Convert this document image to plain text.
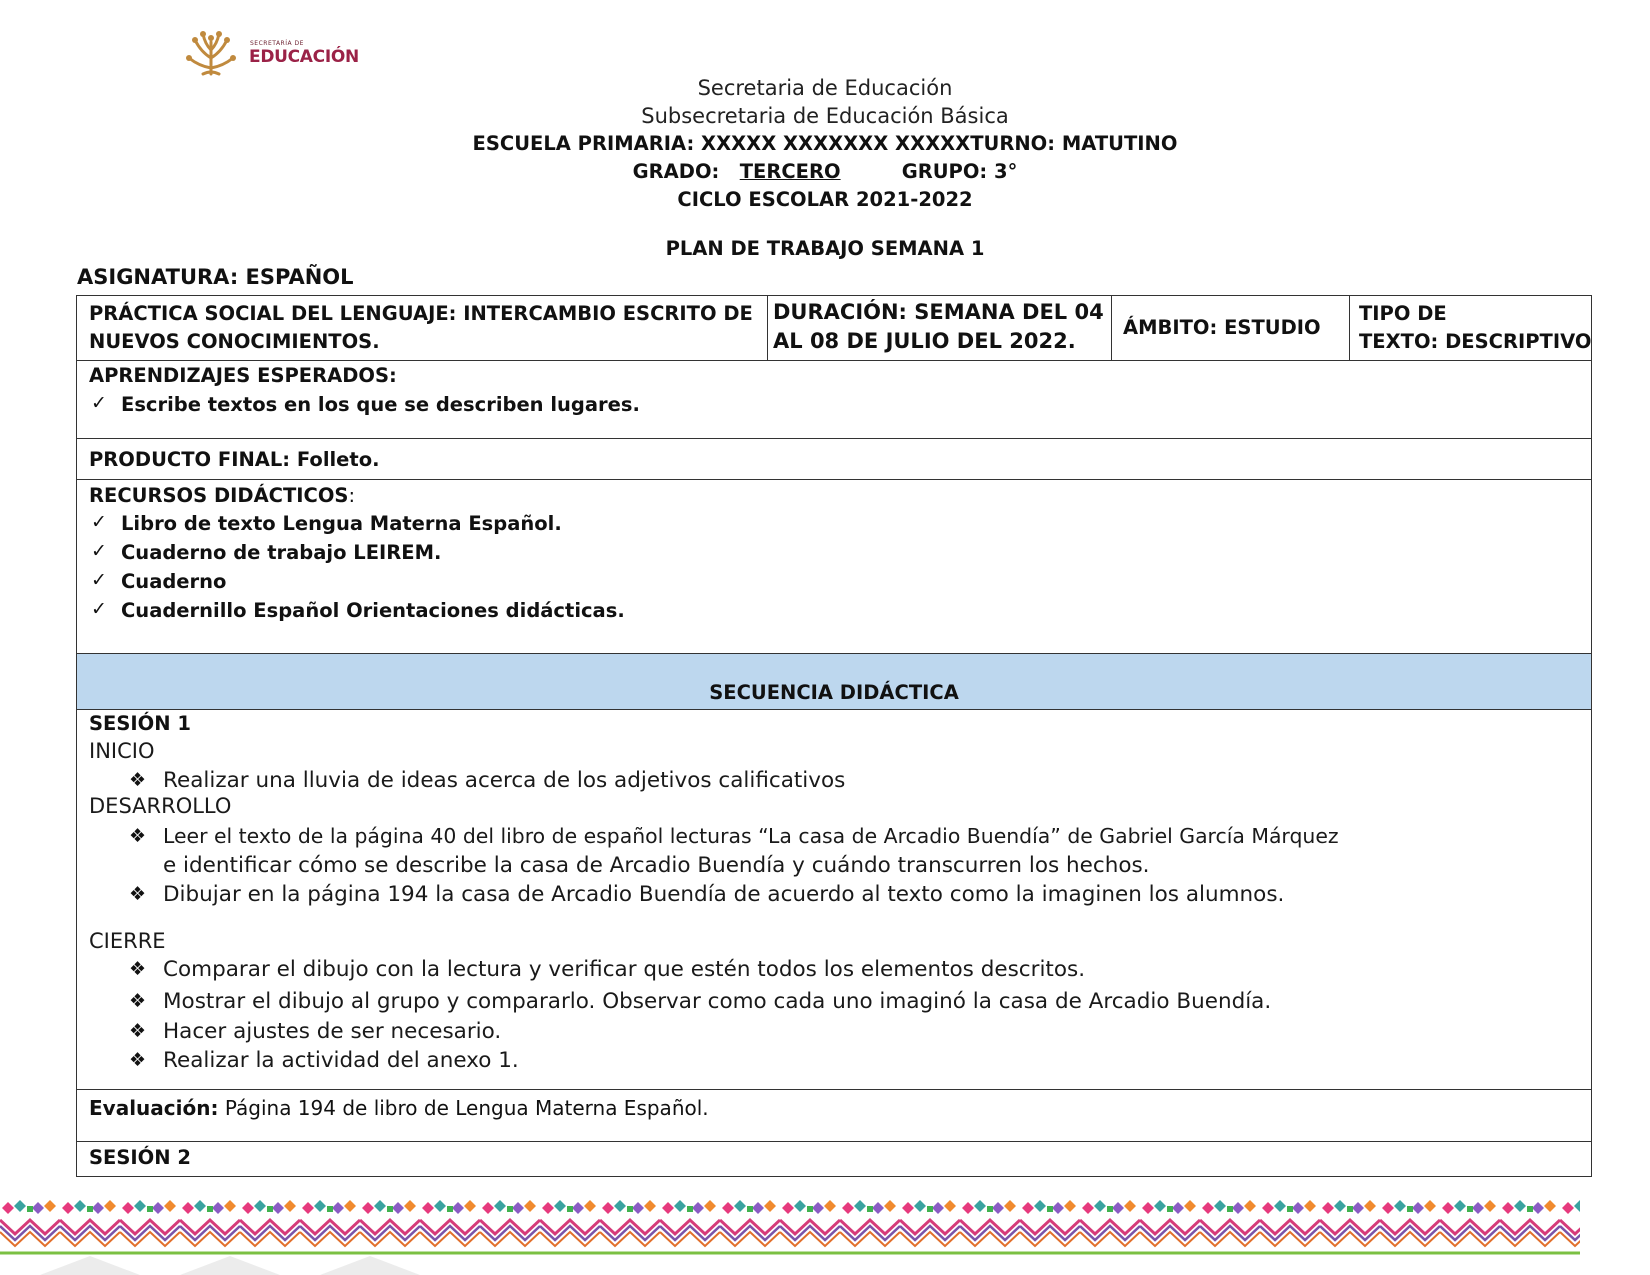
SECRETARÍA DE
EDUCACIÓN
Secretaria de Educación
Subsecretaria de Educación Básica
ESCUELA PRIMARIA: XXXXX XXXXXXX XXXXXTURNO: MATUTINO
GRADO: TERCERO	GRUPO: 3°
CICLO ESCOLAR 2021-2022
PLAN DE TRABAJO SEMANA 1
ASIGNATURA: ESPAÑOL
PRÁCTICA SOCIAL DEL LENGUAJE: INTERCAMBIO ESCRITO DE
NUEVOS CONOCIMIENTOS.
DURACIÓN: SEMANA DEL 04
AL 08 DE JULIO DEL 2022.
ÁMBITO: ESTUDIO
TIPO DE
TEXTO: DESCRIPTIVO
APRENDIZAJES ESPERADOS:
✓ Escribe textos en los que se describen lugares.
PRODUCTO FINAL: Folleto.
RECURSOS DIDÁCTICOS:
✓ Libro de texto Lengua Materna Español.
✓ Cuaderno de trabajo LEIREM.
✓ Cuaderno
✓ Cuadernillo Español Orientaciones didácticas.
SECUENCIA DIDÁCTICA
SESIÓN 1
INICIO
❖ Realizar una lluvia de ideas acerca de los adjetivos calificativos
DESARROLLO
❖ Leer el texto de la página 40 del libro de español lecturas “La casa de Arcadio Buendía” de Gabriel García Márquez
e identificar cómo se describe la casa de Arcadio Buendía y cuándo transcurren los hechos.
❖ Dibujar en la página 194 la casa de Arcadio Buendía de acuerdo al texto como la imaginen los alumnos.
CIERRE
❖ Comparar el dibujo con la lectura y verificar que estén todos los elementos descritos.
❖ Mostrar el dibujo al grupo y compararlo. Observar como cada uno imaginó la casa de Arcadio Buendía.
❖ Hacer ajustes de ser necesario.
❖ Realizar la actividad del anexo 1.
Evaluación: Página 194 de libro de Lengua Materna Español.
SESIÓN 2
